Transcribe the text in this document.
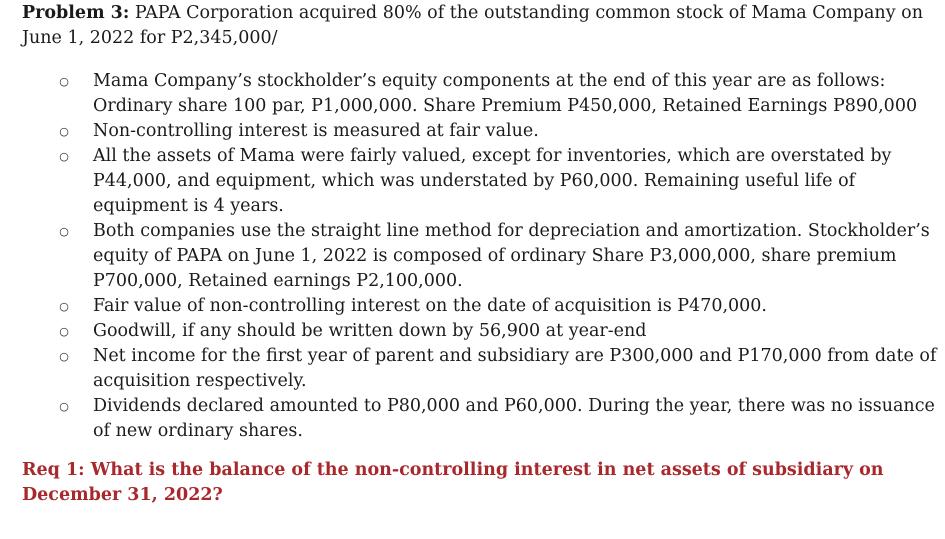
Problem 3: PAPA Corporation acquired 80% of the outstanding common stock of Mama Company on June 1, 2022 for P2,345,000/

○ Mama Company’s stockholder’s equity components at the end of this year are as follows: Ordinary share 100 par, P1,000,000. Share Premium P450,000, Retained Earnings P890,000
○ Non-controlling interest is measured at fair value.
○ All the assets of Mama were fairly valued, except for inventories, which are overstated by P44,000, and equipment, which was understated by P60,000. Remaining useful life of equipment is 4 years.
○ Both companies use the straight line method for depreciation and amortization. Stockholder’s equity of PAPA on June 1, 2022 is composed of ordinary Share P3,000,000, share premium P700,000, Retained earnings P2,100,000.
○ Fair value of non-controlling interest on the date of acquisition is P470,000.
○ Goodwill, if any should be written down by 56,900 at year-end
○ Net income for the first year of parent and subsidiary are P300,000 and P170,000 from date of acquisition respectively.
○ Dividends declared amounted to P80,000 and P60,000. During the year, there was no issuance of new ordinary shares.

Req 1: What is the balance of the non-controlling interest in net assets of subsidiary on December 31, 2022?
